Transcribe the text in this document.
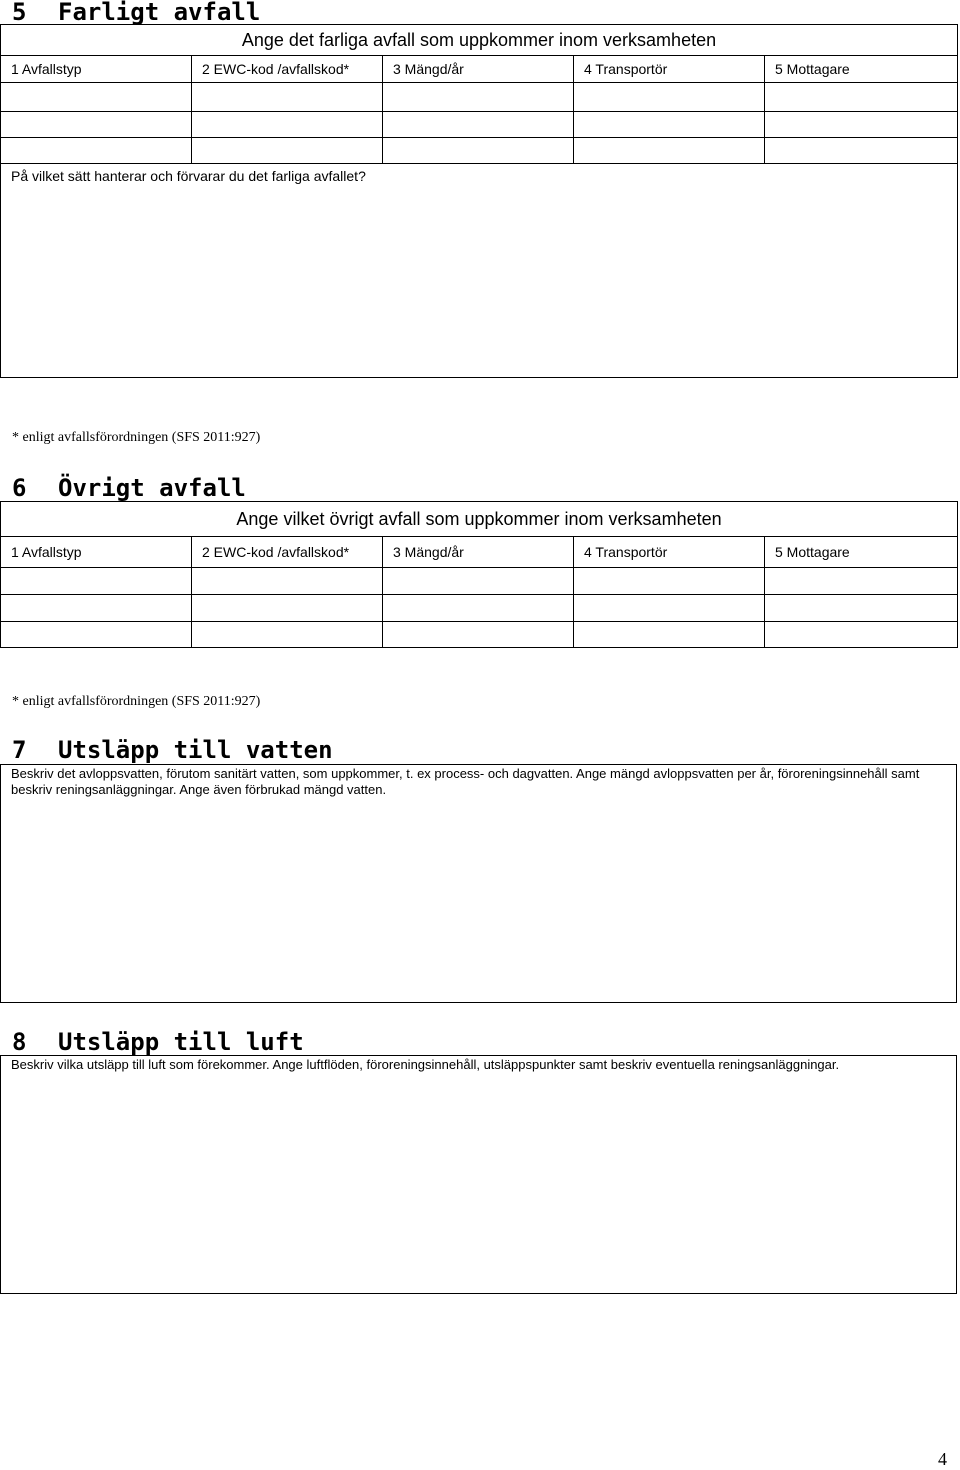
5 Farligt avfall
Ange det farliga avfall som uppkommer inom verksamheten				
1 Avfallstyp	2 EWC-kod /avfallskod*	3 Mängd/år	4 Transportör	5 Mottagare

På vilket sätt hanterar och förvarar du det farliga avfallet?				
* enligt avfallsförordningen (SFS 2011:927)
6 Övrigt avfall
Ange vilket övrigt avfall som uppkommer inom verksamheten				
1 Avfallstyp	2 EWC-kod /avfallskod*	3 Mängd/år	4 Transportör	5 Mottagare

* enligt avfallsförordningen (SFS 2011:927)
7 Utsläpp till vatten
Beskriv det avloppsvatten, förutom sanitärt vatten, som uppkommer, t. ex process- och dagvatten. Ange mängd avloppsvatten per år, föroreningsinnehåll samt beskriv reningsanläggningar. Ange även förbrukad mängd vatten.
8 Utsläpp till luft
Beskriv vilka utsläpp till luft som förekommer. Ange luftflöden, föroreningsinnehåll, utsläppspunkter samt beskriv eventuella reningsanläggningar.
4
